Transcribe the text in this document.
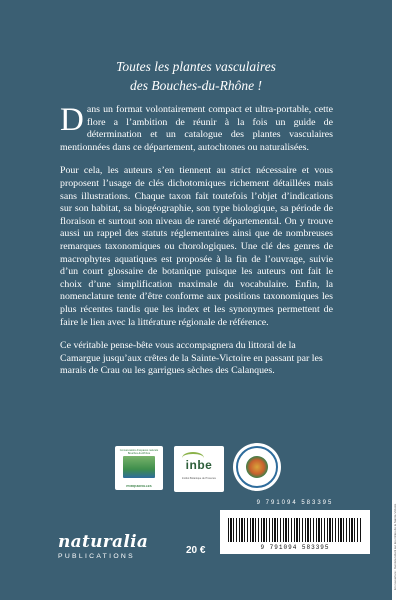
Toutes les plantes vasculaires
des Bouches-du-Rhône !

Dans un format volontairement compact et ultra-portable, cette flore a l’ambition de réunir à la fois un guide de détermination et un catalogue des plantes vasculaires mentionnées dans ce département, autochtones ou naturalisées.

Pour cela, les auteurs s’en tiennent au strict nécessaire et vous proposent l’usage de clés dichotomiques richement détaillées mais sans illustrations. Chaque taxon fait toutefois l’objet d’indications sur son habitat, sa biogéographie, son type biologique, sa période de floraison et surtout son niveau de rareté départemental. On y trouve aussi un rappel des statuts réglementaires ainsi que de nombreuses remarques taxonomiques ou chorologiques. Une clé des genres de macrophytes aquatiques est proposée à la fin de l’ouvrage, suivie d’un court glossaire de botanique puisque les auteurs ont fait le choix d’une simplification maximale du vocabulaire. Enfin, la nomenclature tente d’être conforme aux positions taxonomiques les plus récentes tandis que les index et les synonymes permettent de faire le lien avec la littérature régionale de référence.

Ce véritable pense-bête vous accompagnera du littoral de la Camargue jusqu’aux crêtes de la Sainte-Victoire en passant par les marais de Crau ou les garrigues sèches des Calanques.

Conservatoire d'espaces naturels Bouches-du-Rhône
PORQUEROLLES
inbe
Institut Botanique de Provence
9 791094 583395
9 791094 583395
naturalia
PUBLICATIONS
20 €	En couverture : Genista lobelii sur les crêtes de la Sainte-Victoire
